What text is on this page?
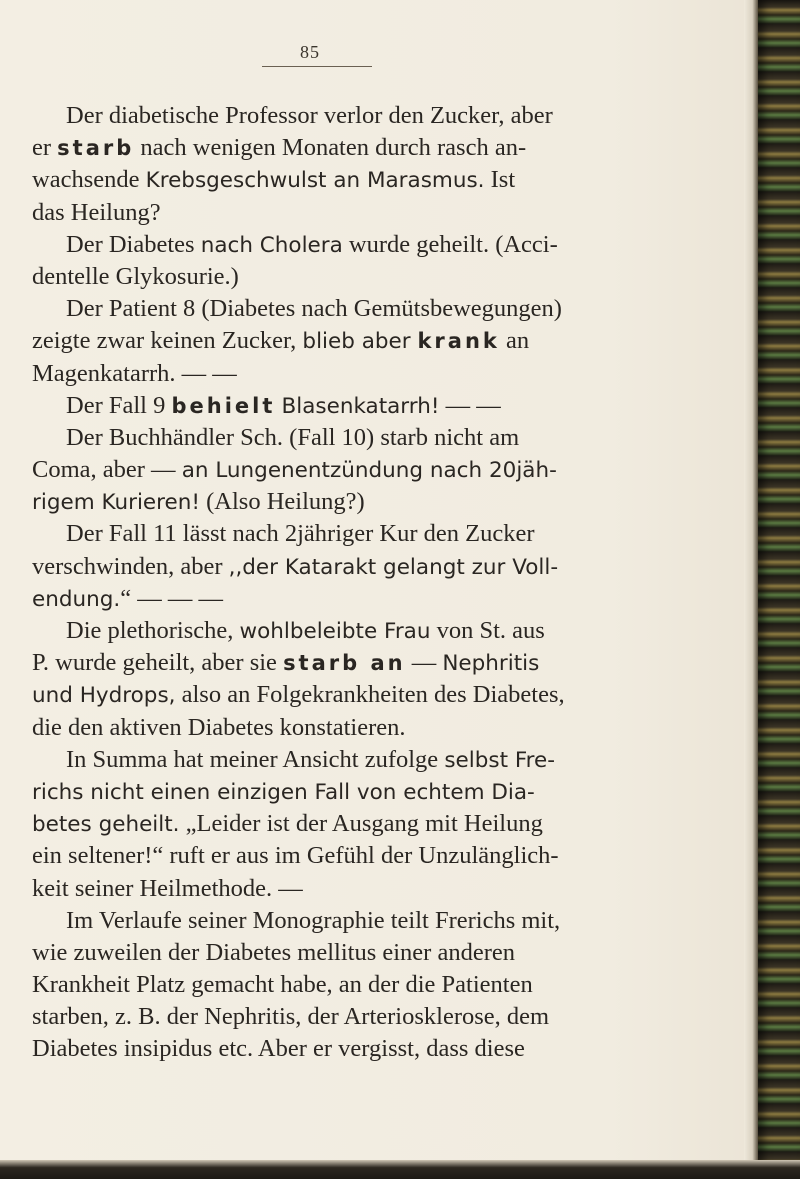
85
Der diabetische Professor verlor den Zucker, aber
er starb nach wenigen Monaten durch rasch an-
wachsende Krebsgeschwulst an Marasmus. Ist
das Heilung?
Der Diabetes nach Cholera wurde geheilt. (Acci-
dentelle Glykosurie.)
Der Patient 8 (Diabetes nach Gemütsbewegungen)
zeigte zwar keinen Zucker, blieb aber krank an
Magenkatarrh. — —
Der Fall 9 behielt Blasenkatarrh! — —
Der Buchhändler Sch. (Fall 10) starb nicht am
Coma, aber — an Lungenentzündung nach 20jäh-
rigem Kurieren! (Also Heilung?)
Der Fall 11 lässt nach 2jähriger Kur den Zucker
verschwinden, aber ,,der Katarakt gelangt zur Voll-
endung.“ — — —
Die plethorische, wohlbeleibte Frau von St. aus
P. wurde geheilt, aber sie starb an — Nephritis
und Hydrops, also an Folgekrankheiten des Diabetes,
die den aktiven Diabetes konstatieren.
In Summa hat meiner Ansicht zufolge selbst Fre-
richs nicht einen einzigen Fall von echtem Dia-
betes geheilt. „Leider ist der Ausgang mit Heilung
ein seltener!“ ruft er aus im Gefühl der Unzulänglich-
keit seiner Heilmethode. —
Im Verlaufe seiner Monographie teilt Frerichs mit,
wie zuweilen der Diabetes mellitus einer anderen
Krankheit Platz gemacht habe, an der die Patienten
starben, z. B. der Nephritis, der Arteriosklerose, dem
Diabetes insipidus etc. Aber er vergisst, dass diese
